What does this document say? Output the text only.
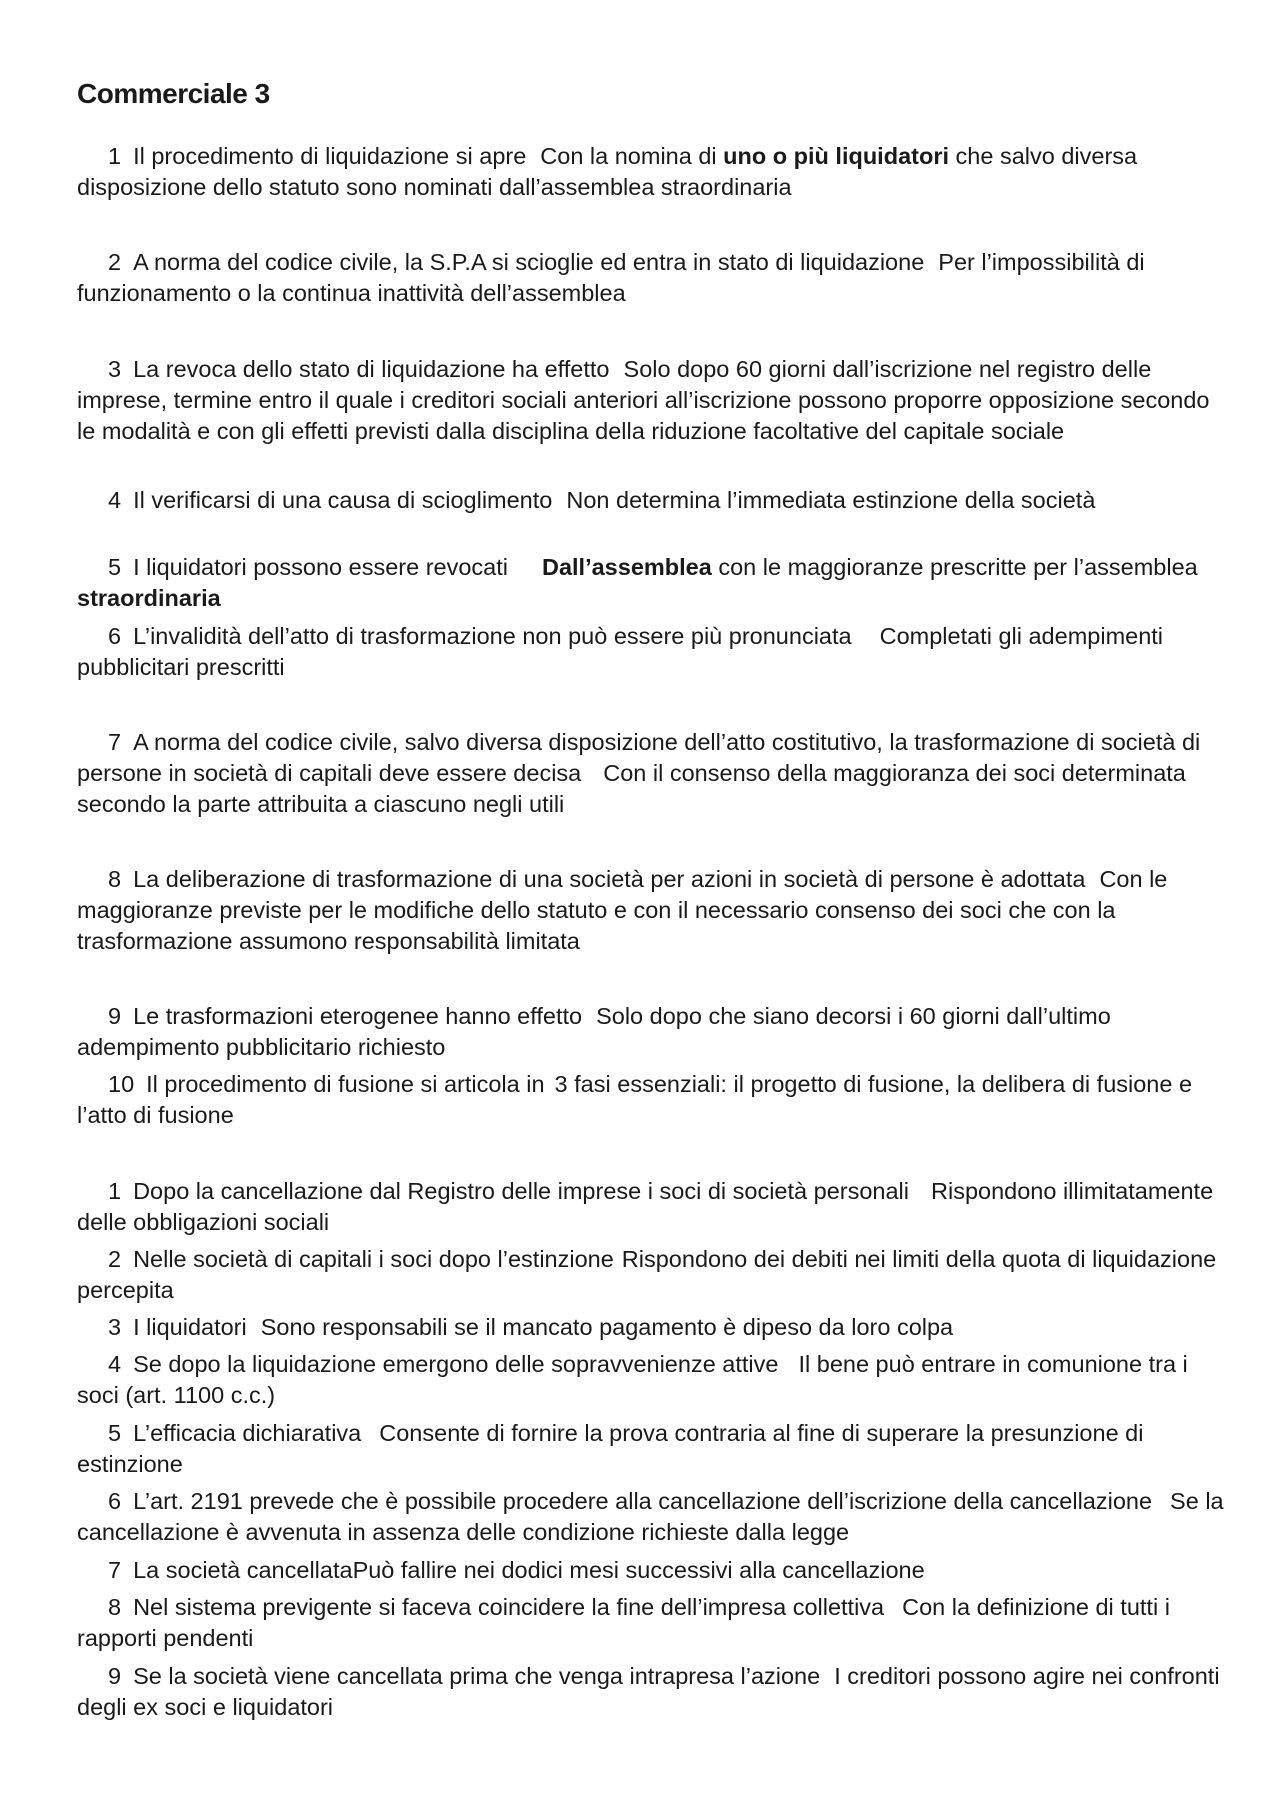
Commerciale 3
1 Il procedimento di liquidazione si apre Con la nomina di uno o più liquidatori che salvo diversa disposizione dello statuto sono nominati dall’assemblea straordinaria
2 A norma del codice civile, la S.P.A si scioglie ed entra in stato di liquidazione Per l’impossibilità di funzionamento o la continua inattività dell’assemblea
3 La revoca dello stato di liquidazione ha effetto Solo dopo 60 giorni dall’iscrizione nel registro delle imprese, termine entro il quale i creditori sociali anteriori all’iscrizione possono proporre opposizione secondo le modalità e con gli effetti previsti dalla disciplina della riduzione facoltative del capitale sociale
4 Il verificarsi di una causa di scioglimento Non determina l’immediata estinzione della società
5 I liquidatori possono essere revocati Dall’assemblea con le maggioranze prescritte per l’assemblea straordinaria
6 L’invalidità dell’atto di trasformazione non può essere più pronunciata Completati gli adempimenti pubblicitari prescritti
7 A norma del codice civile, salvo diversa disposizione dell’atto costitutivo, la trasformazione di società di persone in società di capitali deve essere decisa Con il consenso della maggioranza dei soci determinata secondo la parte attribuita a ciascuno negli utili
8 La deliberazione di trasformazione di una società per azioni in società di persone è adottata Con le maggioranze previste per le modifiche dello statuto e con il necessario consenso dei soci che con la trasformazione assumono responsabilità limitata
9 Le trasformazioni eterogenee hanno effetto Solo dopo che siano decorsi i 60 giorni dall’ultimo adempimento pubblicitario richiesto
10 Il procedimento di fusione si articola in 3 fasi essenziali: il progetto di fusione, la delibera di fusione e l’atto di fusione
1 Dopo la cancellazione dal Registro delle imprese i soci di società personali Rispondono illimitatamente delle obbligazioni sociali
2 Nelle società di capitali i soci dopo l’estinzione Rispondono dei debiti nei limiti della quota di liquidazione percepita
3 I liquidatori Sono responsabili se il mancato pagamento è dipeso da loro colpa
4 Se dopo la liquidazione emergono delle sopravvenienze attive Il bene può entrare in comunione tra i soci (art. 1100 c.c.)
5 L’efficacia dichiarativa Consente di fornire la prova contraria al fine di superare la presunzione di estinzione
6 L’art. 2191 prevede che è possibile procedere alla cancellazione dell’iscrizione della cancellazione Se la cancellazione è avvenuta in assenza delle condizione richieste dalla legge
7 La società cancellataPuò fallire nei dodici mesi successivi alla cancellazione
8 Nel sistema previgente si faceva coincidere la fine dell’impresa collettiva Con la definizione di tutti i rapporti pendenti
9 Se la società viene cancellata prima che venga intrapresa l’azione I creditori possono agire nei confronti degli ex soci e liquidatori
